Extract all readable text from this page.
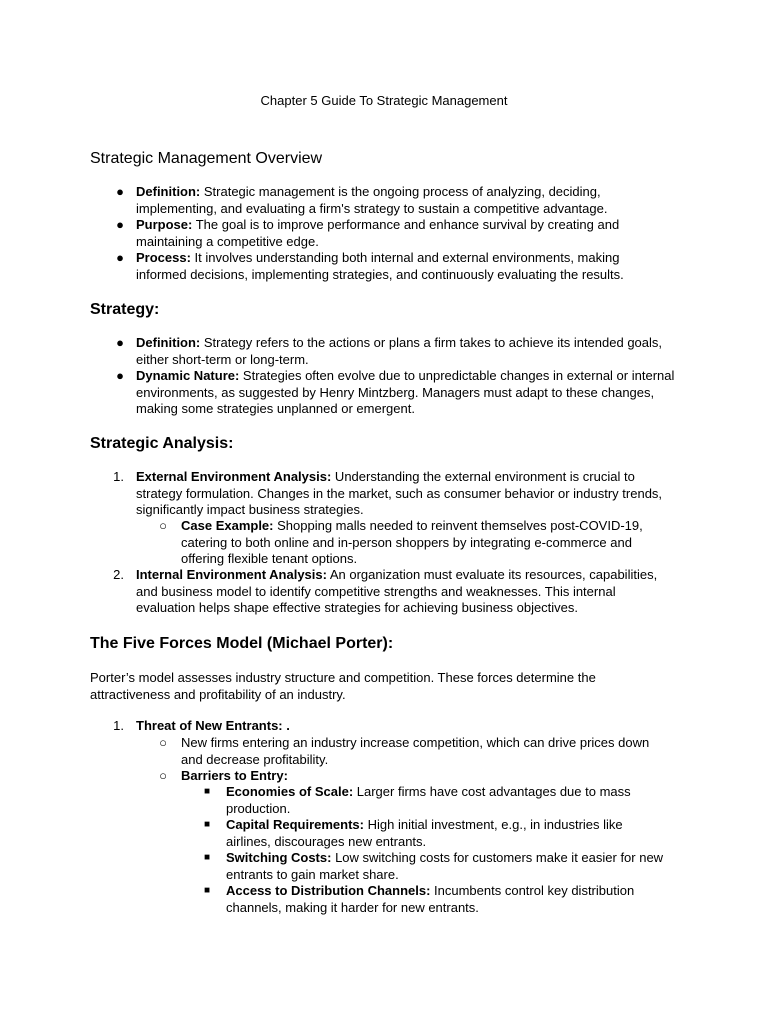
Chapter 5 Guide To Strategic Management
Strategic Management Overview
● Definition: Strategic management is the ongoing process of analyzing, deciding, implementing, and evaluating a firm's strategy to sustain a competitive advantage.
● Purpose: The goal is to improve performance and enhance survival by creating and maintaining a competitive edge.
● Process: It involves understanding both internal and external environments, making informed decisions, implementing strategies, and continuously evaluating the results.
Strategy:
● Definition: Strategy refers to the actions or plans a firm takes to achieve its intended goals, either short-term or long-term.
● Dynamic Nature: Strategies often evolve due to unpredictable changes in external or internal environments, as suggested by Henry Mintzberg. Managers must adapt to these changes, making some strategies unplanned or emergent.
Strategic Analysis:
1. External Environment Analysis: Understanding the external environment is crucial to strategy formulation. Changes in the market, such as consumer behavior or industry trends, significantly impact business strategies.
○ Case Example: Shopping malls needed to reinvent themselves post-COVID-19, catering to both online and in-person shoppers by integrating e-commerce and offering flexible tenant options.
2. Internal Environment Analysis: An organization must evaluate its resources, capabilities, and business model to identify competitive strengths and weaknesses. This internal evaluation helps shape effective strategies for achieving business objectives.
The Five Forces Model (Michael Porter):
Porter’s model assesses industry structure and competition. These forces determine the attractiveness and profitability of an industry.
1. Threat of New Entrants: .
○ New firms entering an industry increase competition, which can drive prices down and decrease profitability.
○ Barriers to Entry:
■ Economies of Scale: Larger firms have cost advantages due to mass production.
■ Capital Requirements: High initial investment, e.g., in industries like airlines, discourages new entrants.
■ Switching Costs: Low switching costs for customers make it easier for new entrants to gain market share.
■ Access to Distribution Channels: Incumbents control key distribution channels, making it harder for new entrants.
